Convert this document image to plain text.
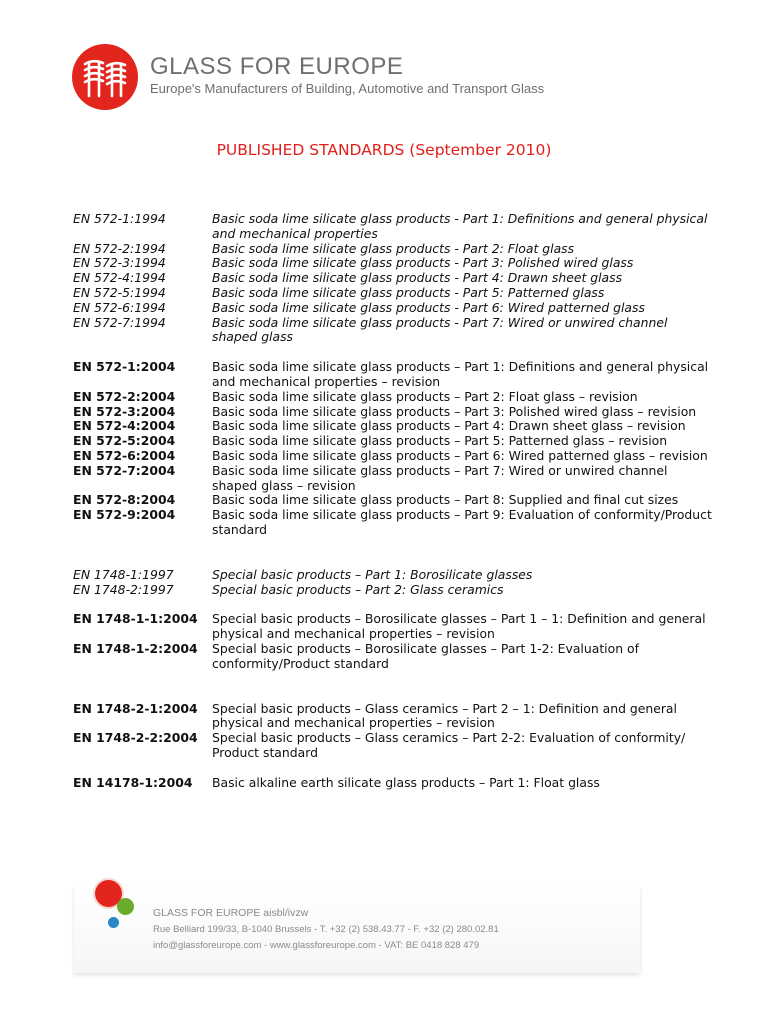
GLASS FOR EUROPE
Europe's Manufacturers of Building, Automotive and Transport Glass
PUBLISHED STANDARDS (September 2010)
EN 572-1:1994	Basic soda lime silicate glass products - Part 1: Definitions and general physical and mechanical properties
EN 572-2:1994	Basic soda lime silicate glass products - Part 2: Float glass
EN 572-3:1994	Basic soda lime silicate glass products - Part 3: Polished wired glass
EN 572-4:1994	Basic soda lime silicate glass products - Part 4: Drawn sheet glass
EN 572-5:1994	Basic soda lime silicate glass products - Part 5: Patterned glass
EN 572-6:1994	Basic soda lime silicate glass products - Part 6: Wired patterned glass
EN 572-7:1994	Basic soda lime silicate glass products - Part 7: Wired or unwired channel shaped glass
EN 572-1:2004	Basic soda lime silicate glass products – Part 1: Definitions and general physical and mechanical properties – revision
EN 572-2:2004	Basic soda lime silicate glass products – Part 2: Float glass – revision
EN 572-3:2004	Basic soda lime silicate glass products – Part 3: Polished wired glass – revision
EN 572-4:2004	Basic soda lime silicate glass products – Part 4: Drawn sheet glass – revision
EN 572-5:2004	Basic soda lime silicate glass products – Part 5: Patterned glass – revision
EN 572-6:2004	Basic soda lime silicate glass products – Part 6: Wired patterned glass – revision
EN 572-7:2004	Basic soda lime silicate glass products – Part 7: Wired or unwired channel shaped glass – revision
EN 572-8:2004	Basic soda lime silicate glass products – Part 8: Supplied and final cut sizes
EN 572-9:2004	Basic soda lime silicate glass products – Part 9: Evaluation of conformity/Product standard
EN 1748-1:1997	Special basic products – Part 1: Borosilicate glasses
EN 1748-2:1997	Special basic products – Part 2: Glass ceramics
EN 1748-1-1:2004	Special basic products – Borosilicate glasses – Part 1 – 1: Definition and general physical and mechanical properties – revision
EN 1748-1-2:2004	Special basic products – Borosilicate glasses – Part 1-2: Evaluation of conformity/Product standard
EN 1748-2-1:2004	Special basic products – Glass ceramics – Part 2 – 1: Definition and general physical and mechanical properties – revision
EN 1748-2-2:2004	Special basic products – Glass ceramics – Part 2-2: Evaluation of conformity/ Product standard
EN 14178-1:2004	Basic alkaline earth silicate glass products – Part 1: Float glass
GLASS FOR EUROPE aisbl/ivzw
Rue Belliard 199/33, B-1040 Brussels - T. +32 (2) 538.43.77 - F. +32 (2) 280.02.81
info@glassforeurope.com - www.glassforeurope.com - VAT: BE 0418 828 479
